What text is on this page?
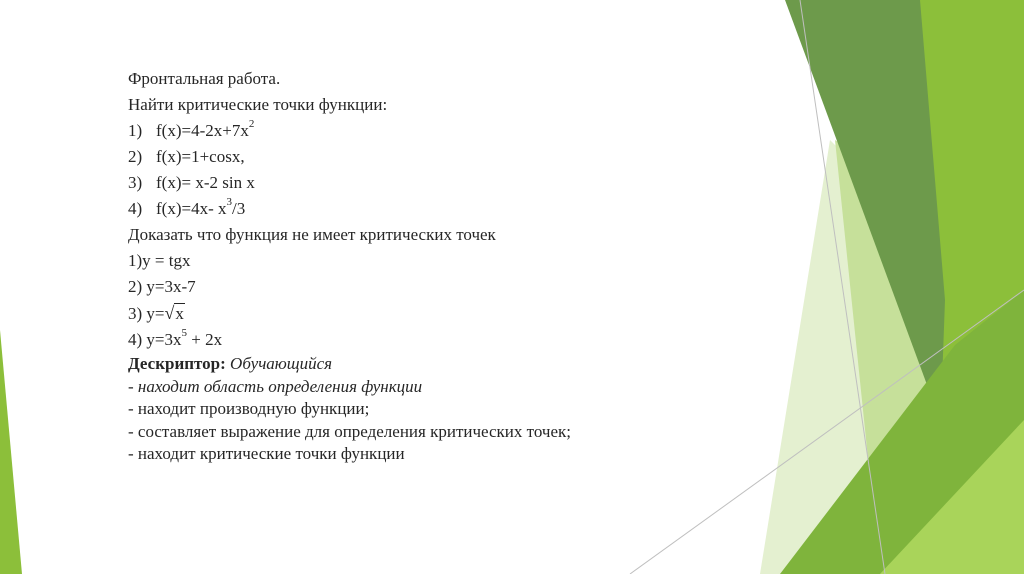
Фронтальная работа.
Найти критические точки функции:
1) $f(x)=4-2x+7x^2$
2) f(x)=1+cosx,
3) f(x)= x-2 sin x
4) f(x)=4x- $x^3/3$
Доказать что функция не имеет критических точек
1)y = tgx
2) y=3x-7
3) y=√x
4) $y=3x^5 + 2x$
Дескриптор: Обучающийся
- находит область определения функции
- находит производную функции;
- составляет выражение для определения критических точек;
- находит критические точки функции
